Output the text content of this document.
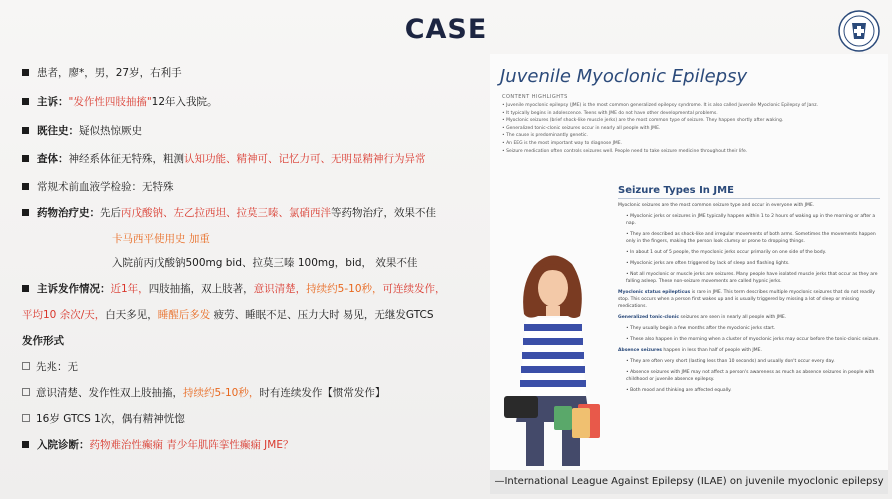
CASE
患者，廖*，男，27岁，右利手
主诉："发作性四肢抽搐"12年入我院。
既往史：疑似热惊厥史
查体：神经系体征无特殊，粗测认知功能、精神可、记忆力可、无明显精神行为异常
常规术前血液学检验：无特殊
药物治疗史：先后丙戊酸钠、左乙拉西坦、拉莫三嗪、氯硝西泮等药物治疗，效果不佳
卡马西平使用史 加重
入院前丙戊酸钠500mg bid、拉莫三嗪 100mg，bid， 效果不佳
主诉发作情况：近1年，四肢抽搐，双上肢著，意识清楚，持续约5-10秒，可连续发作，
平均10 余次/天，白天多见，睡醒后多发 疲劳、睡眠不足、压力大时 易见，无继发GTCS
发作形式
先兆：无
意识清楚、发作性双上肢抽搐，持续约5-10秒，时有连续发作【惯常发作】
16岁 GTCS 1次，偶有精神恍惚
入院诊断：药物难治性癫痫 青少年肌阵挛性癫痫 JME？
Juvenile Myoclonic Epilepsy
CONTENT HIGHLIGHTS
• Juvenile myoclonic epilepsy (JME) is the most common generalized epilepsy syndrome. It is also called Juvenile Myoclonic Epilepsy of Janz.
• It typically begins in adolescence. Teens with JME do not have other developmental problems.
• Myoclonic seizures (brief shock-like muscle jerks) are the most common type of seizure. They happen shortly after waking.
• Generalized tonic-clonic seizures occur in nearly all people with JME.
• The cause is predominantly genetic.
• An EEG is the most important way to diagnose JME.
• Seizure medication often controls seizures well. People need to take seizure medicine throughout their life.
Seizure Types In JME

Myoclonic seizures are the most common seizure type and occur in everyone with JME.

• Myoclonic jerks or seizures in JME typically happen within 1 to 2 hours of waking up in the morning or after a nap.

• They are described as shock-like and irregular movements of both arms. Sometimes the movements happen only in the fingers, making the person look clumsy or prone to dropping things.

• In about 1 out of 5 people, the myoclonic jerks occur primarily on one side of the body.

• Myoclonic jerks are often triggered by lack of sleep and flashing lights.

• Not all myoclonic or muscle jerks are seizures. Many people have isolated muscle jerks that occur as they are falling asleep. These non-seizure movements are called hypnic jerks.

Myoclonic status epilepticus is rare in JME. This term describes multiple myoclonic seizures that do not readily stop. This occurs when a person first wakes up and is usually triggered by missing a lot of sleep or missing medications.

Generalized tonic-clonic seizures are seen in nearly all people with JME.

• They usually begin a few months after the myoclonic jerks start.

• These also happen in the morning when a cluster of myoclonic jerks may occur before the tonic-clonic seizure.

Absence seizures happen in less than half of people with JME.

• They are often very short (lasting less than 10 seconds) and usually don't occur every day.

• Absence seizures with JME may not affect a person's awareness as much as absence seizures in people with childhood or juvenile absence epilepsy.

• Both mood and thinking are affected equally.

—International League Against Epilepsy (ILAE) on juvenile myoclonic epilepsy
